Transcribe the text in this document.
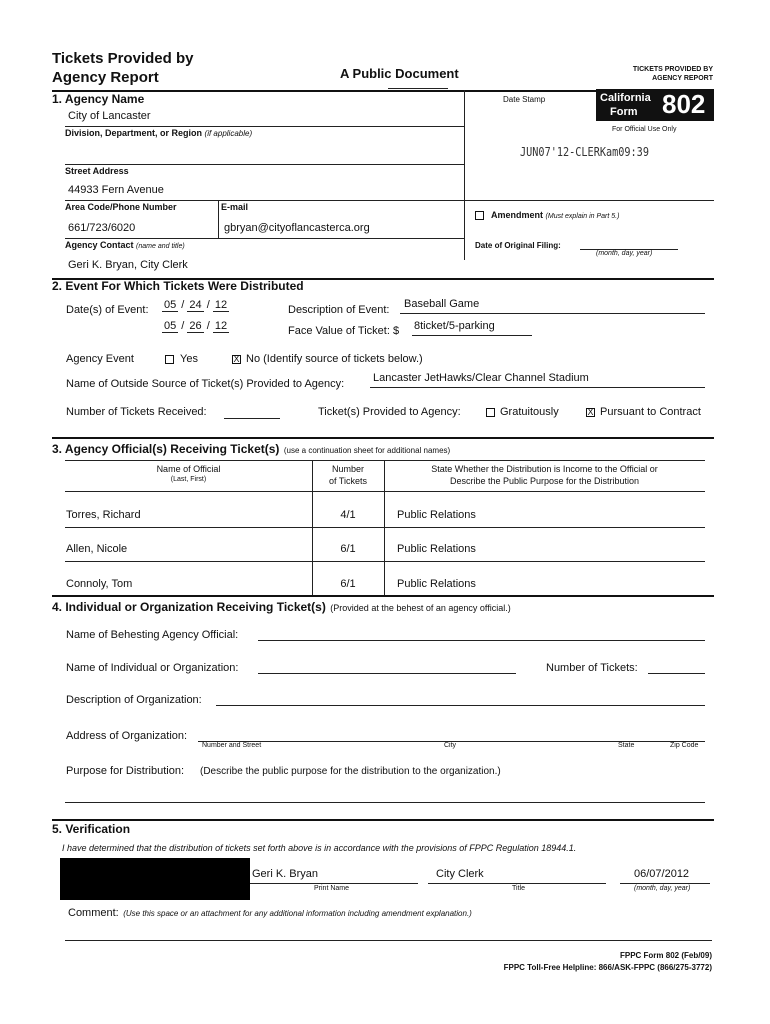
Tickets Provided by
Agency Report	A Public Document	TICKETS PROVIDED BY
AGENCY REPORT
California
Form 802
For Official Use Only
Date Stamp
JUN07'12-CLERKam09:39
1. Agency Name
City of Lancaster
Division, Department, or Region (if applicable)
Street Address
44933 Fern Avenue
Area Code/Phone Number	E-mail
661/723/6020	gbryan@cityoflancasterca.org
Agency Contact (name and title)
Geri K. Bryan, City Clerk
Amendment (Must explain in Part 5.)
Date of Original Filing:
(month, day, year)
2. Event For Which Tickets Were Distributed
Date(s) of Event: 05 / 24 / 12
05 / 26 / 12
Description of Event: Baseball Game
Face Value of Ticket: $ 8ticket/5-parking
Agency Event	Yes	X No (Identify source of tickets below.)
Name of Outside Source of Ticket(s) Provided to Agency:	Lancaster JetHawks/Clear Channel Stadium
Number of Tickets Received:	Ticket(s) Provided to Agency:	Gratuitously	X Pursuant to Contract
3. Agency Official(s) Receiving Ticket(s) (use a continuation sheet for additional names)
Name of Official
(Last, First)
Number
of Tickets
State Whether the Distribution is Income to the Official or
Describe the Public Purpose for the Distribution
Torres, Richard	4/1	Public Relations
Allen, Nicole	6/1	Public Relations
Connoly, Tom	6/1	Public Relations
4. Individual or Organization Receiving Ticket(s) (Provided at the behest of an agency official.)
Name of Behesting Agency Official:
Name of Individual or Organization:	Number of Tickets:
Description of Organization:
Address of Organization:
Number and Street	City	State	Zip Code
Purpose for Distribution: (Describe the public purpose for the distribution to the organization.)
5. Verification
I have determined that the distribution of tickets set forth above is in accordance with the provisions of FPPC Regulation 18944.1.
Geri K. Bryan	City Clerk	06/07/2012
Print Name	Title	(month, day, year)
Comment: (Use this space or an attachment for any additional information including amendment explanation.)
FPPC Form 802 (Feb/09)
FPPC Toll-Free Helpline: 866/ASK-FPPC (866/275-3772)
